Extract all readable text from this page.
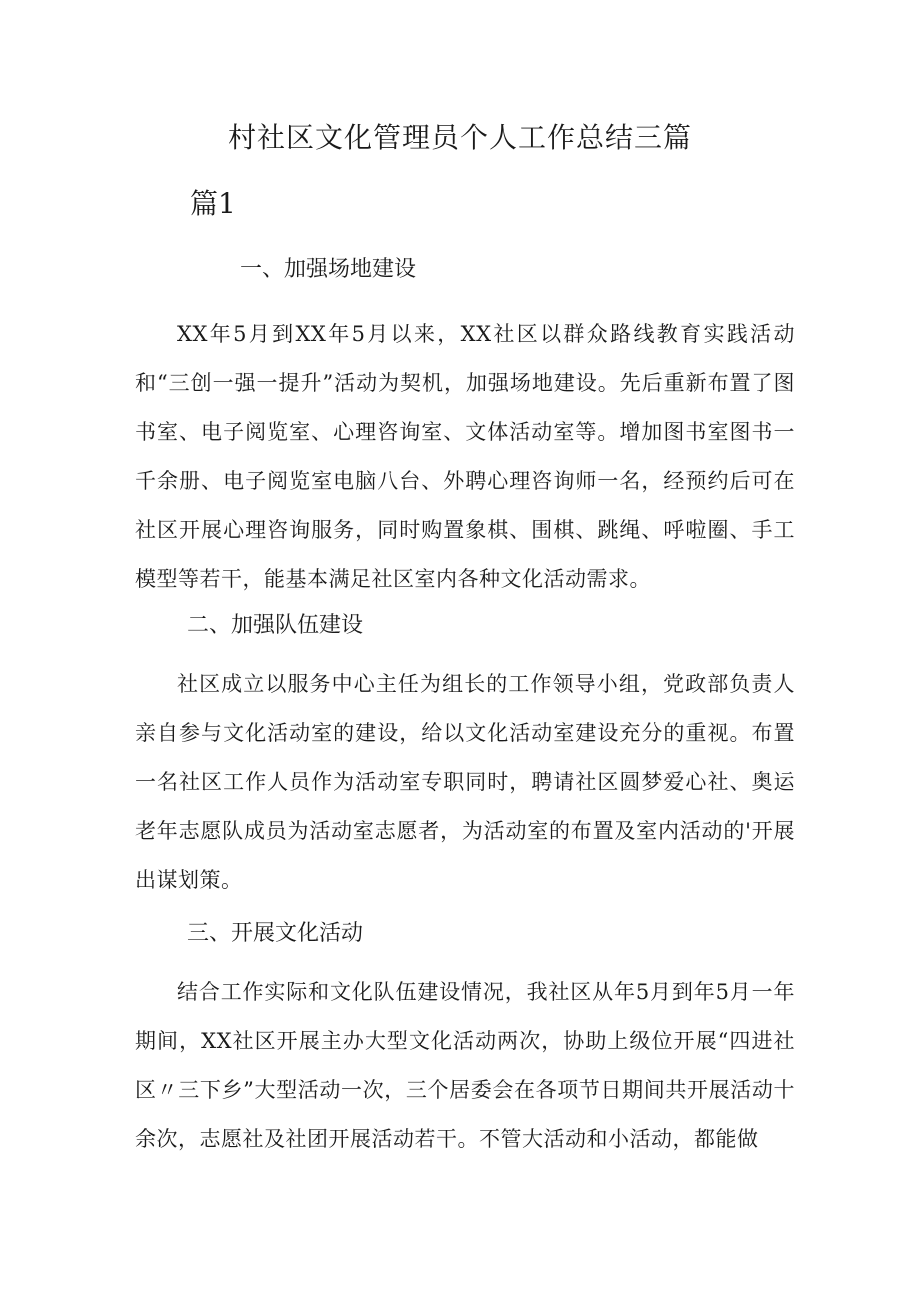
村社区文化管理员个人工作总结三篇
篇1
一、加强场地建设

XX年5月到XX年5月以来，XX社区以群众路线教育实践活动和“三创一强一提升”活动为契机，加强场地建设。先后重新布置了图书室、电子阅览室、心理咨询室、文体活动室等。增加图书室图书一千余册、电子阅览室电脑八台、外聘心理咨询师一名，经预约后可在社区开展心理咨询服务，同时购置象棋、围棋、跳绳、呼啦圈、手工模型等若干，能基本满足社区室内各种文化活动需求。

二、加强队伍建设

社区成立以服务中心主任为组长的工作领导小组，党政部负责人亲自参与文化活动室的建设，给以文化活动室建设充分的重视。布置一名社区工作人员作为活动室专职同时，聘请社区圆梦爱心社、奥运老年志愿队成员为活动室志愿者，为活动室的布置及室内活动的'开展出谋划策。

三、开展文化活动

结合工作实际和文化队伍建设情况，我社区从年5月到年5月一年期间，XX社区开展主办大型文化活动两次，协助上级位开展“四进社区〃三下乡”大型活动一次，三个居委会在各项节日期间共开展活动十余次，志愿社及社团开展活动若干。不管大活动和小活动，都能做
